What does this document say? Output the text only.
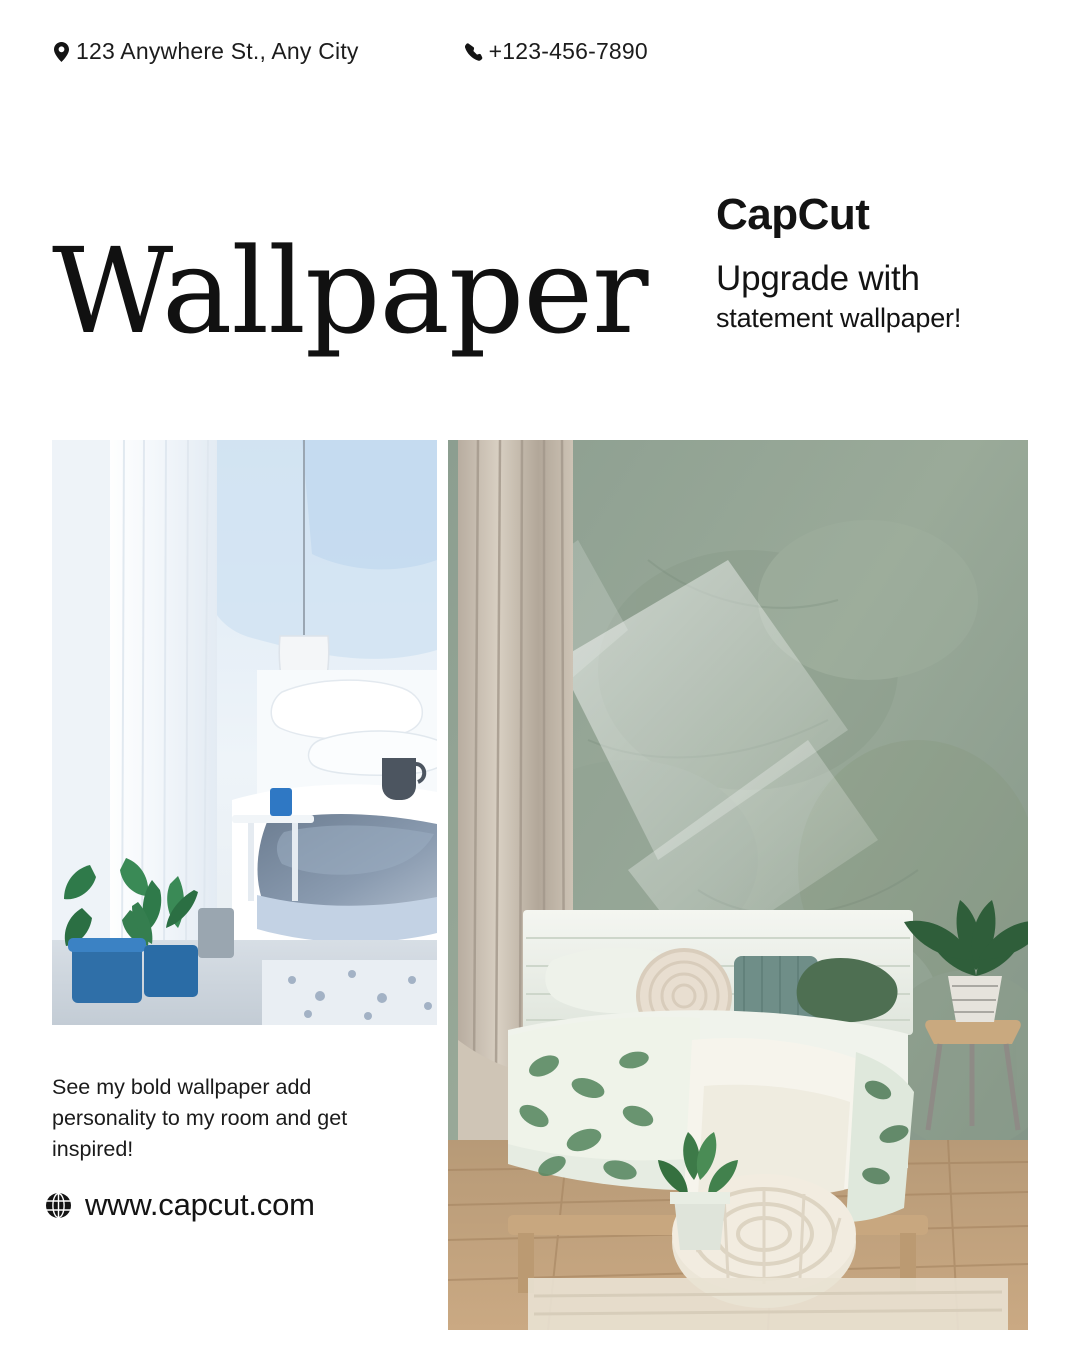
123 Anywhere St., Any City	+123-456-7890
Wallpaper
CapCut
Upgrade with
statement wallpaper!
See my bold wallpaper add personality to my room and get inspired!
www.capcut.com
